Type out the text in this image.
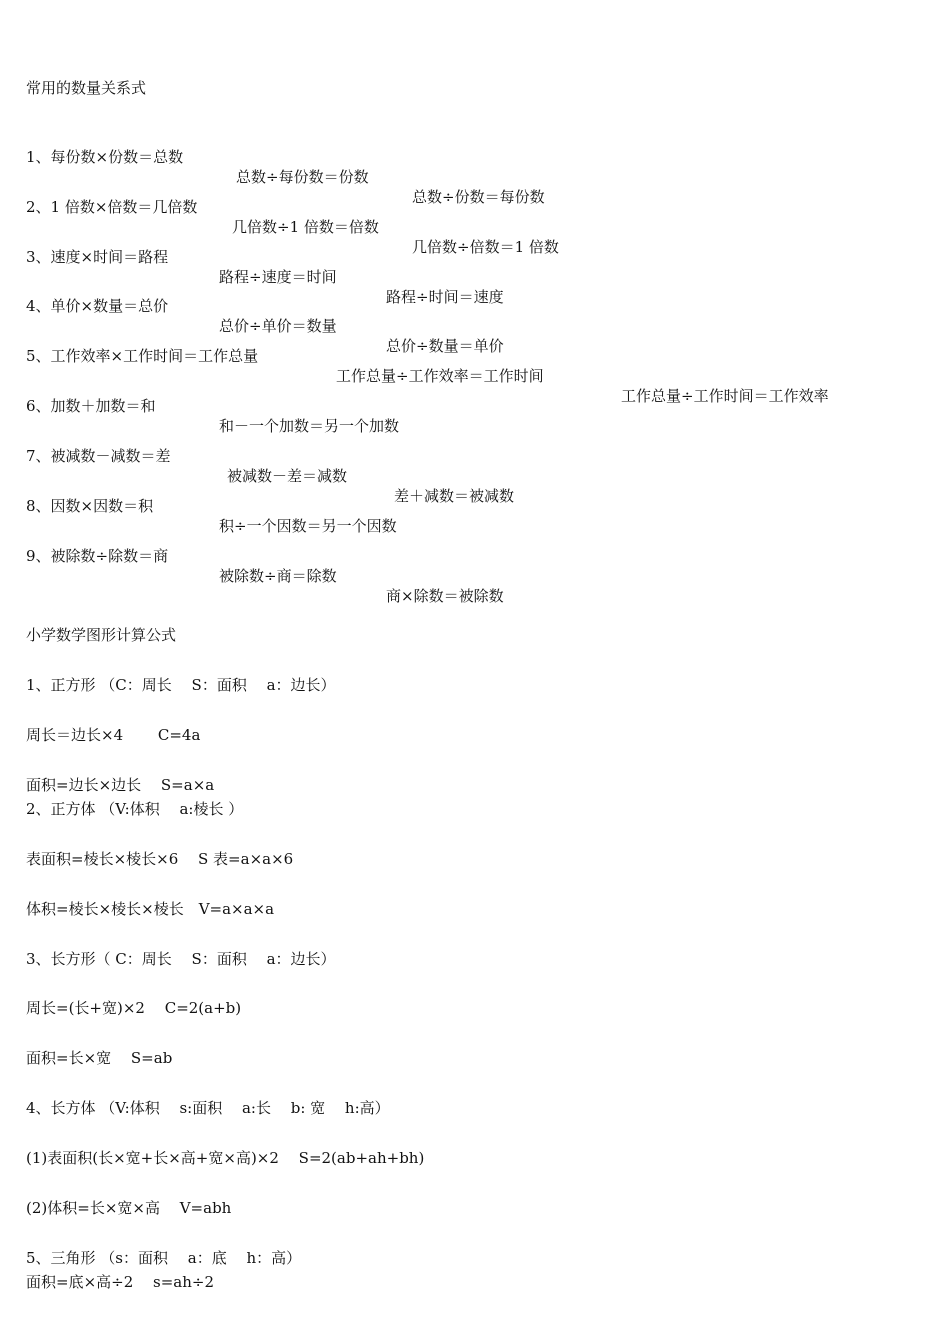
常用的数量关系式

1、每份数×份数＝总数

总数÷每份数＝份数

总数÷份数＝每份数

2、1 倍数×倍数＝几倍数

几倍数÷1 倍数＝倍数

几倍数÷倍数＝1 倍数

3、速度×时间＝路程

路程÷速度＝时间

路程÷时间＝速度

4、单价×数量＝总价

总价÷单价＝数量

总价÷数量＝单价

5、工作效率×工作时间＝工作总量

工作总量÷工作效率＝工作时间

工作总量÷工作时间＝工作效率

6、加数＋加数＝和

和－一个加数＝另一个加数

7、被减数－减数＝差

被减数－差＝减数

差＋减数＝被减数

8、因数×因数＝积

积÷一个因数＝另一个因数

9、被除数÷除数＝商

被除数÷商＝除数

商×除数＝被除数

小学数学图形计算公式

1、正方形 （C：周长　 S：面积　 a：边长）

周长＝边长×4　　 C=4a

面积=边长×边长　 S=a×a

2、正方体 （V:体积　 a:棱长 ）

表面积=棱长×棱长×6　 S 表=a×a×6

体积=棱长×棱长×棱长　V=a×a×a

3、长方形（ C：周长　 S：面积　 a：边长）

周长=(长+宽)×2　 C=2(a+b)

面积=长×宽　 S=ab

4、长方体 （V:体积　 s:面积　 a:长　 b: 宽　 h:高）

(1)表面积(长×宽+长×高+宽×高)×2　 S=2(ab+ah+bh)

(2)体积=长×宽×高　 V=abh

5、三角形 （s：面积　 a：底　 h：高）

面积=底×高÷2　 s=ah÷2
